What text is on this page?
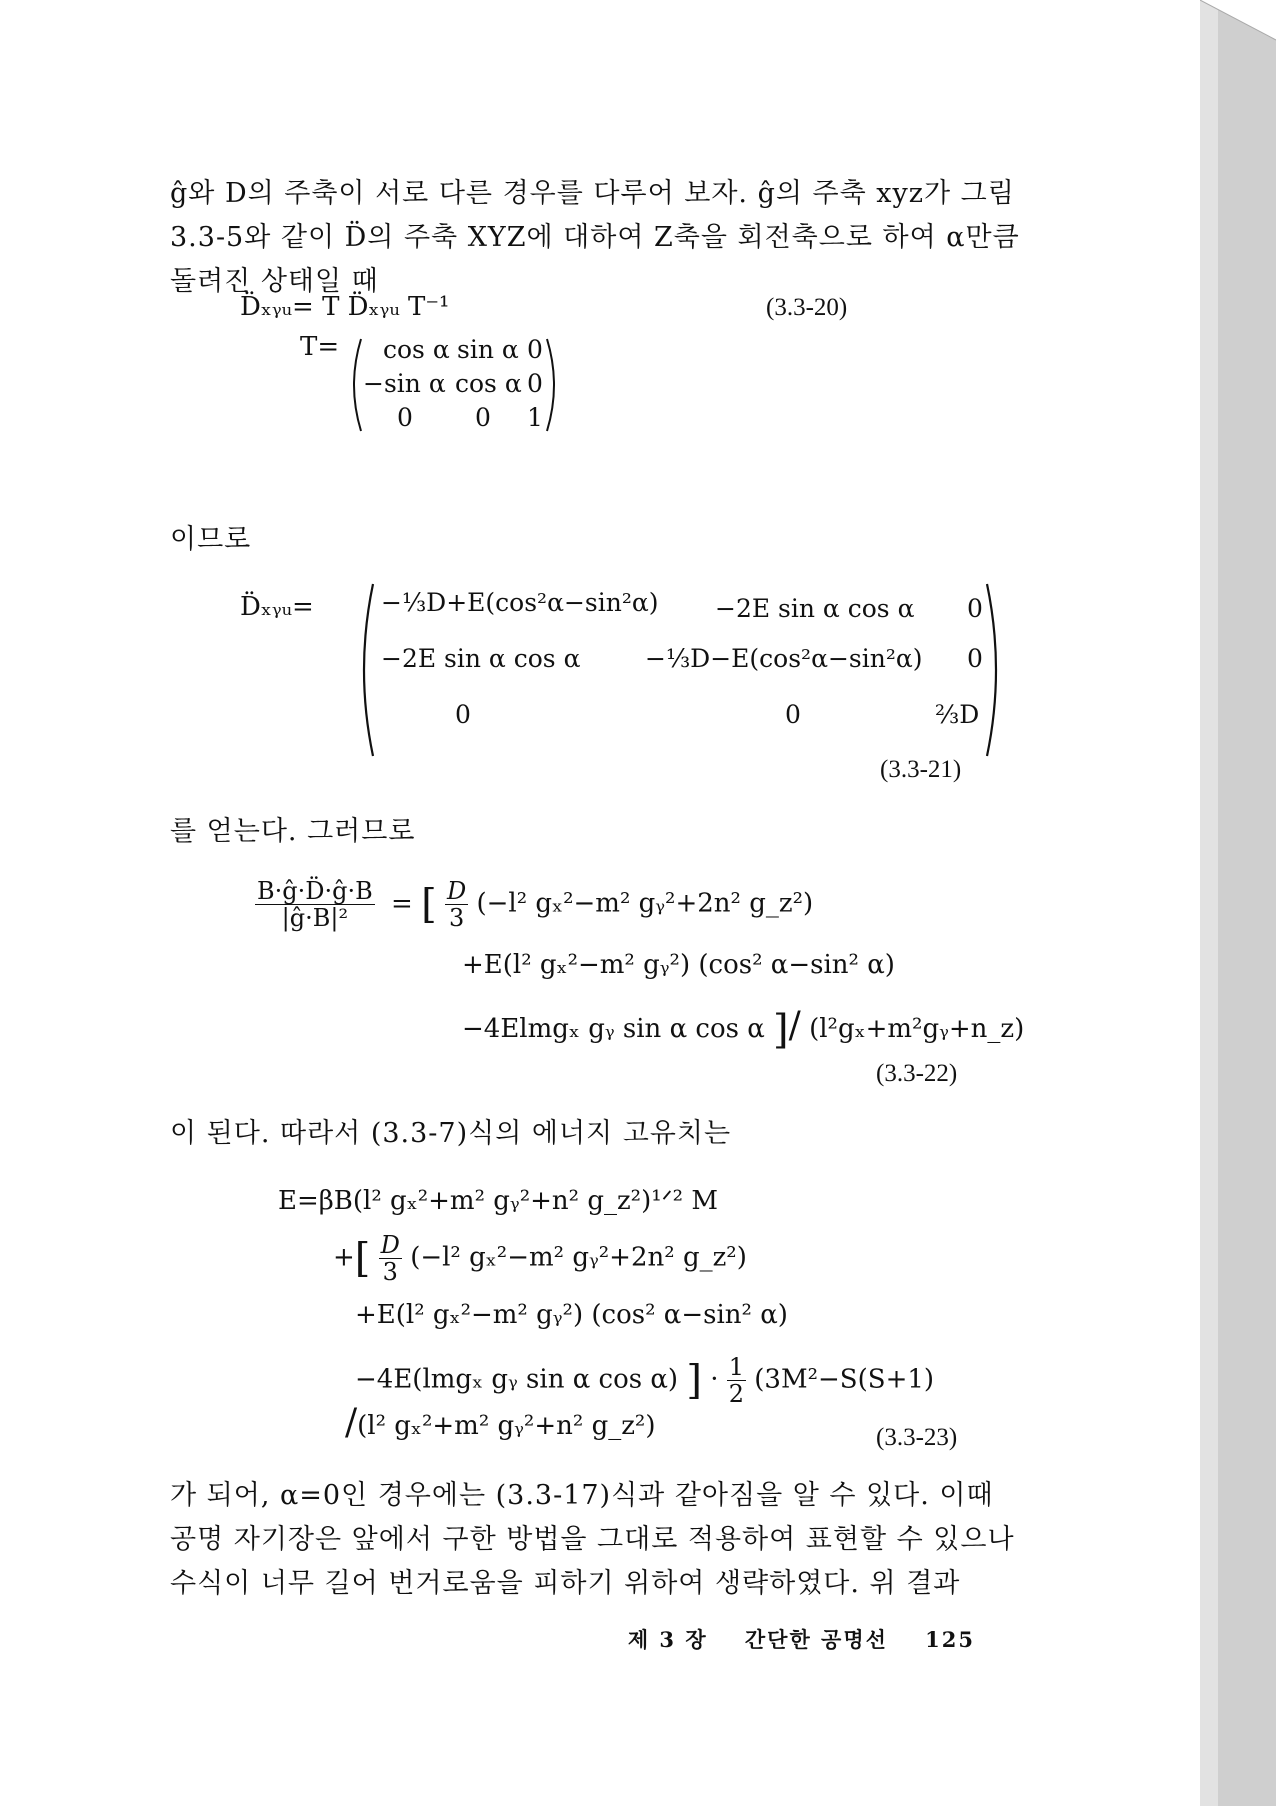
ĝ와 D의 주축이 서로 다른 경우를 다루어 보자. ĝ의 주축 xyz가 그림 3.3-5와 같이 D̈의 주축 XYZ에 대하여 Z축을 회전축으로 하여 α만큼 돌려진 상태일 때
D̈ₓᵧᵤ= T D̈ₓᵧᵤ T⁻¹	(3.3-20)
T= cos α sin α 0
−sin α cos α 0
0 0 1
이므로
D̈ₓᵧᵤ=	−⅓D+E(cos²α−sin²α) −2E sin α cos α 0
−2E sin α cos α	−⅓D−E(cos²α−sin²α) 0
0	0	⅔D
(3.3-21)
를 얻는다. 그러므로
$\frac{B\cdot ĝ\cdot D̈\cdot ĝ\cdot B}{\text{|ĝ·B|²}}$ = [ $\frac{D}{3} (-l^2$ gₓ²−m² gᵧ²+2n² g_z²)
+E(l² gₓ²−m² gᵧ²) (cos² α−sin² α)
−4Elmgₓ gᵧ sin α cos α ]/ (l²gₓ+m²gᵧ+n_z)
(3.3-22)
이 된다. 따라서 (3.3-7)식의 에너지 고유치는
E=βB(l² gₓ²+m² gᵧ²+n² g_z²)¹ᐟ² M
+[ $\frac{D}{3} (-l^2$ gₓ²−m² gᵧ²+2n² g_z²)
+E(l² gₓ²−m² gᵧ²) (cos² α−sin² α)
−4E(lmgₓ gᵧ sin α cos α) ] · $\frac{1}{2} (3M^2-S(S+1)$
/(l² gₓ²+m² gᵧ²+n² g_z²)	(3.3-23)
가 되어, α=0인 경우에는 (3.3-17)식과 같아짐을 알 수 있다. 이때 공명 자기장은 앞에서 구한 방법을 그대로 적용하여 표현할 수 있으나 수식이 너무 길어 번거로움을 피하기 위하여 생략하였다. 위 결과
제 3 장 간단한 공명선 125
